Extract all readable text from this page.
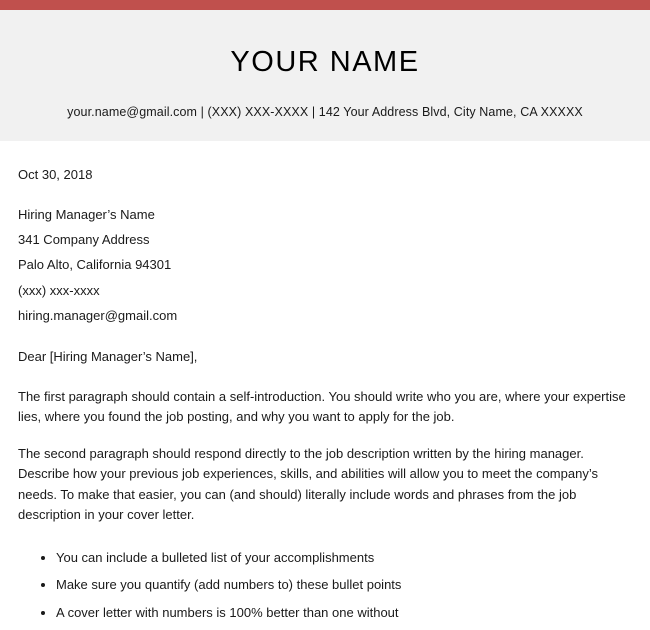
YOUR NAME
your.name@gmail.com | (XXX) XXX-XXXX | 142 Your Address Blvd, City Name, CA XXXXX
Oct 30, 2018
Hiring Manager’s Name
341 Company Address
Palo Alto, California 94301
(xxx) xxx-xxxx
hiring.manager@gmail.com
Dear [Hiring Manager’s Name],
The first paragraph should contain a self-introduction. You should write who you are, where your expertise lies, where you found the job posting, and why you want to apply for the job.
The second paragraph should respond directly to the job description written by the hiring manager. Describe how your previous job experiences, skills, and abilities will allow you to meet the company’s needs. To make that easier, you can (and should) literally include words and phrases from the job description in your cover letter.
• You can include a bulleted list of your accomplishments
• Make sure you quantify (add numbers to) these bullet points
• A cover letter with numbers is 100% better than one without
